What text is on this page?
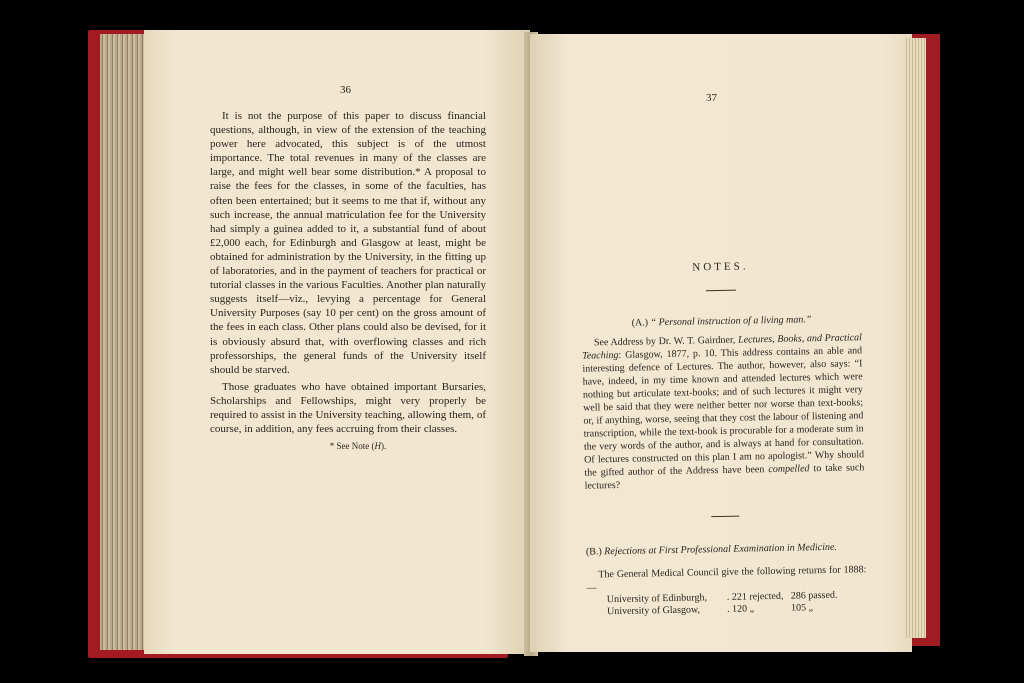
36

It is not the purpose of this paper to discuss financial questions, although, in view of the extension of the teaching power here advocated, this subject is of the utmost importance. The total revenues in many of the classes are large, and might well bear some distribution.* A proposal to raise the fees for the classes, in some of the faculties, has often been entertained; but it seems to me that if, without any such increase, the annual matriculation fee for the University had simply a guinea added to it, a substantial fund of about £2,000 each, for Edinburgh and Glasgow at least, might be obtained for administration by the University, in the fitting up of laboratories, and in the payment of teachers for practical or tutorial classes in the various Faculties. Another plan naturally suggests itself—viz., levying a percentage for General University Purposes (say 10 per cent) on the gross amount of the fees in each class. Other plans could also be devised, for it is obviously absurd that, with overflowing classes and rich professorships, the general funds of the University itself should be starved.

Those graduates who have obtained important Bursaries, Scholarships and Fellowships, might very properly be required to assist in the University teaching, allowing them, of course, in addition, any fees accruing from their classes.

* See Note (H).
37
NOTES.
(A.) “ Personal instruction of a living man.”
See Address by Dr. W. T. Gairdner, Lectures, Books, and Practical Teaching: Glasgow, 1877, p. 10. This address contains an able and interesting defence of Lectures. The author, however, also says: “I have, indeed, in my time known and attended lectures which were nothing but articulate text-books; and of such lectures it might very well be said that they were neither better nor worse than text-books; or, if anything, worse, seeing that they cost the labour of listening and transcription, while the text-book is procurable for a moderate sum in the very words of the author, and is always at hand for consultation. Of lectures constructed on this plan I am no apologist.” Why should the gifted author of the Address have been compelled to take such lectures?
(B.) Rejections at First Professional Examination in Medicine.
The General Medical Council give the following returns for 1888:—
University of Edinburgh,	. 221 rejected, 286 passed.
University of Glasgow,	. 120 „	105 „
